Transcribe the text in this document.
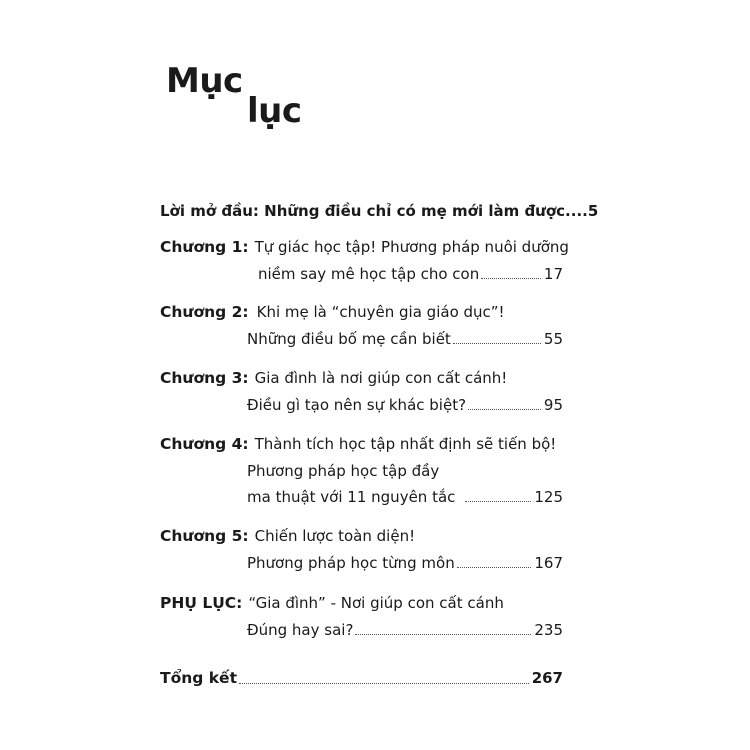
Mục
lục
Lời mở đầu: Những điều chỉ có mẹ mới làm được.... 5
Chương 1: Tự giác học tập! Phương pháp nuôi dưỡng
niềm say mê học tập cho con	17
Chương 2: Khi mẹ là “chuyên gia giáo dục”!
Những điều bố mẹ cần biết	55
Chương 3: Gia đình là nơi giúp con cất cánh!
Điều gì tạo nên sự khác biệt?	95
Chương 4: Thành tích học tập nhất định sẽ tiến bộ!
Phương pháp học tập đầy
ma thuật với 11 nguyên tắc	125
Chương 5: Chiến lược toàn diện!
Phương pháp học từng môn	167
PHỤ LỤC: “Gia đình” - Nơi giúp con cất cánh
Đúng hay sai?	235
Tổng kết	267
